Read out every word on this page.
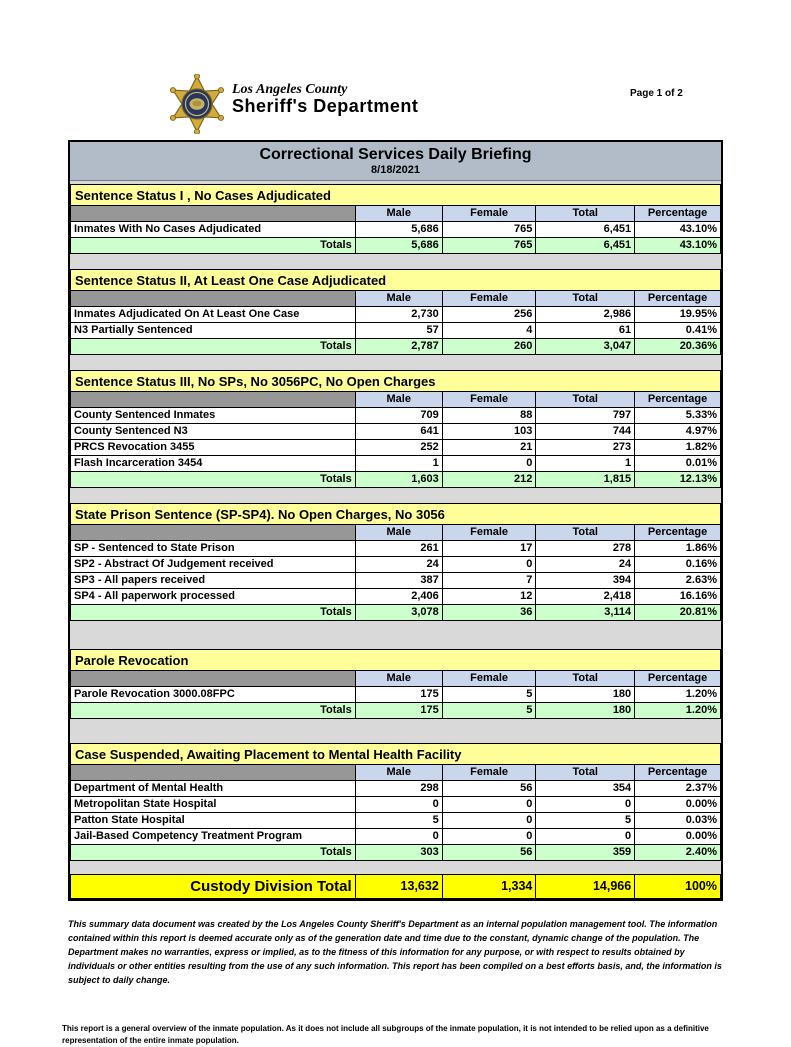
Los Angeles County
Sheriff's Department
Page 1 of 2
Correctional Services Daily Briefing
8/18/2021
Sentence Status I , No Cases Adjudicated
	Male	Female	Total	Percentage
Inmates With No Cases Adjudicated	5,686	765	6,451	43.10%
Totals	5,686	765	6,451	43.10%
Sentence Status II, At Least One Case Adjudicated
	Male	Female	Total	Percentage
Inmates Adjudicated On At Least One Case	2,730	256	2,986	19.95%
N3 Partially Sentenced	57	4	61	0.41%
Totals	2,787	260	3,047	20.36%
Sentence Status III, No SPs, No 3056PC, No Open Charges
	Male	Female	Total	Percentage
County Sentenced Inmates	709	88	797	5.33%
County Sentenced N3	641	103	744	4.97%
PRCS Revocation 3455	252	21	273	1.82%
Flash Incarceration 3454	1	0	1	0.01%
Totals	1,603	212	1,815	12.13%
State Prison Sentence (SP-SP4). No Open Charges, No 3056
	Male	Female	Total	Percentage
SP - Sentenced to State Prison	261	17	278	1.86%
SP2 - Abstract Of Judgement received	24	0	24	0.16%
SP3 - All papers received	387	7	394	2.63%
SP4 - All paperwork processed	2,406	12	2,418	16.16%
Totals	3,078	36	3,114	20.81%
Parole Revocation
	Male	Female	Total	Percentage
Parole Revocation 3000.08FPC	175	5	180	1.20%
Totals	175	5	180	1.20%
Case Suspended, Awaiting Placement to Mental Health Facility
	Male	Female	Total	Percentage
Department of Mental Health	298	56	354	2.37%
Metropolitan State Hospital	0	0	0	0.00%
Patton State Hospital	5	0	5	0.03%
Jail-Based Competency Treatment Program	0	0	0	0.00%
Totals	303	56	359	2.40%
Custody Division Total	13,632	1,334	14,966	100%

This summary data document was created by the Los Angeles County Sheriff's Department as an internal population management tool. The information contained within this report is deemed accurate only as of the generation date and time due to the constant, dynamic change of the population. The Department makes no warranties, express or implied, as to the fitness of this information for any purpose, or with respect to results obtained by individuals or other entities resulting from the use of any such information. This report has been compiled on a best efforts basis, and, the information is subject to daily change.

This report is a general overview of the inmate population. As it does not include all subgroups of the inmate population, it is not intended to be relied upon as a definitive representation of the entire inmate population.
